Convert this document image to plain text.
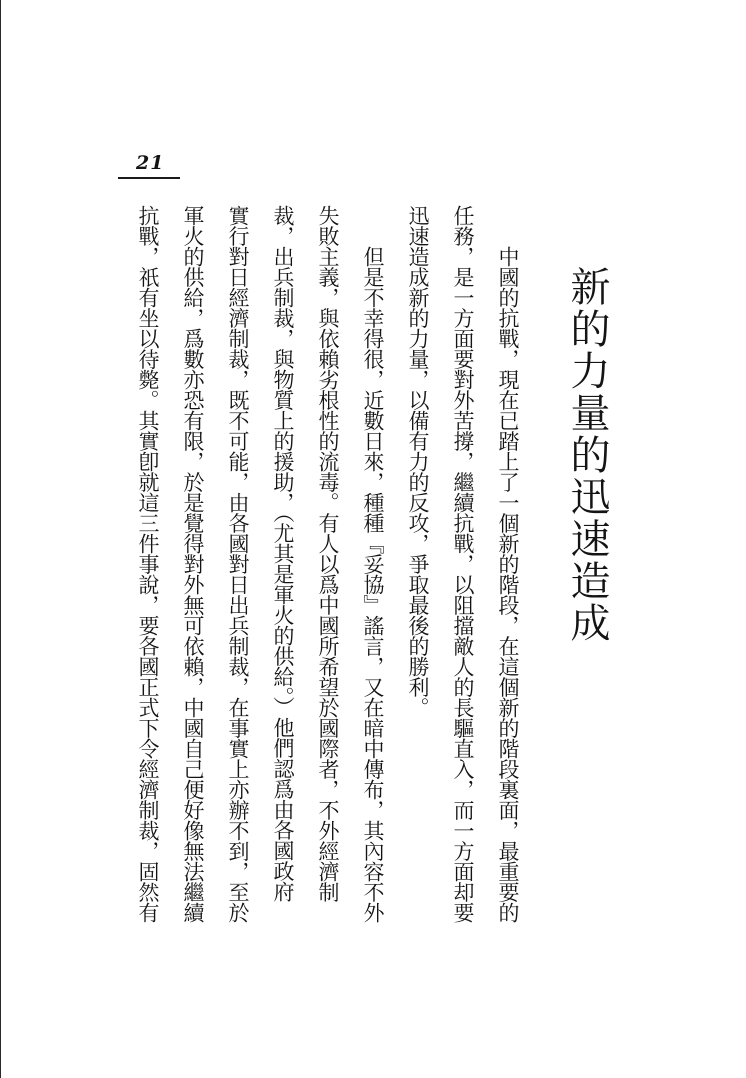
21
新的力量的迅速造成
中國的抗戰，現在已踏上了一個新的階段，在這個新的階段裏面，最重要的
任務，是一方面要對外苦撐，繼續抗戰，以阻擋敵人的長驅直入，而一方面却要
迅速造成新的力量，以備有力的反攻，爭取最後的勝利。
但是不幸得很，近數日來，種種『妥協』謠言，又在暗中傳布，其內容不外
失敗主義，與依賴劣根性的流毒。有人以爲中國所希望於國際者，不外經濟制
裁，出兵制裁，與物質上的援助，（尤其是軍火的供給。）他們認爲由各國政府
實行對日經濟制裁，既不可能，由各國對日出兵制裁，在事實上亦辦不到，至於
軍火的供給，爲數亦恐有限，於是覺得對外無可依賴，中國自己便好像無法繼續
抗戰，祇有坐以待斃。其實卽就這三件事說，要各國正式下令經濟制裁，固然有
